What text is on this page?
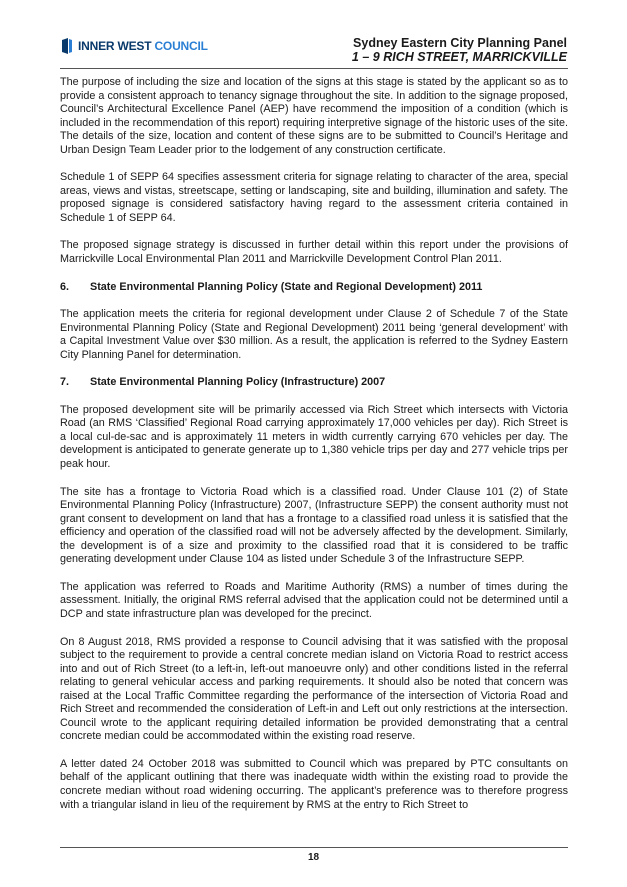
INNER WEST COUNCIL	Sydney Eastern City Planning Panel
1 – 9 RICH STREET, MARRICKVILLE

The purpose of including the size and location of the signs at this stage is stated by the applicant so as to provide a consistent approach to tenancy signage throughout the site. In addition to the signage proposed, Council’s Architectural Excellence Panel (AEP) have recommend the imposition of a condition (which is included in the recommendation of this report) requiring interpretive signage of the historic uses of the site. The details of the size, location and content of these signs are to be submitted to Council’s Heritage and Urban Design Team Leader prior to the lodgement of any construction certificate.

Schedule 1 of SEPP 64 specifies assessment criteria for signage relating to character of the area, special areas, views and vistas, streetscape, setting or landscaping, site and building, illumination and safety. The proposed signage is considered satisfactory having regard to the assessment criteria contained in Schedule 1 of SEPP 64.

The proposed signage strategy is discussed in further detail within this report under the provisions of Marrickville Local Environmental Plan 2011 and Marrickville Development Control Plan 2011.

6.	State Environmental Planning Policy (State and Regional Development) 2011

The application meets the criteria for regional development under Clause 2 of Schedule 7 of the State Environmental Planning Policy (State and Regional Development) 2011 being ‘general development’ with a Capital Investment Value over $30 million. As a result, the application is referred to the Sydney Eastern City Planning Panel for determination.

7.	State Environmental Planning Policy (Infrastructure) 2007

The proposed development site will be primarily accessed via Rich Street which intersects with Victoria Road (an RMS ‘Classified’ Regional Road carrying approximately 17,000 vehicles per day). Rich Street is a local cul-de-sac and is approximately 11 meters in width currently carrying 670 vehicles per day. The development is anticipated to generate generate up to 1,380 vehicle trips per day and 277 vehicle trips per peak hour.

The site has a frontage to Victoria Road which is a classified road. Under Clause 101 (2) of State Environmental Planning Policy (Infrastructure) 2007, (Infrastructure SEPP) the consent authority must not grant consent to development on land that has a frontage to a classified road unless it is satisfied that the efficiency and operation of the classified road will not be adversely affected by the development. Similarly, the development is of a size and proximity to the classified road that it is considered to be traffic generating development under Clause 104 as listed under Schedule 3 of the Infrastructure SEPP.

The application was referred to Roads and Maritime Authority (RMS) a number of times during the assessment. Initially, the original RMS referral advised that the application could not be determined until a DCP and state infrastructure plan was developed for the precinct.

On 8 August 2018, RMS provided a response to Council advising that it was satisfied with the proposal subject to the requirement to provide a central concrete median island on Victoria Road to restrict access into and out of Rich Street (to a left-in, left-out manoeuvre only) and other conditions listed in the referral relating to general vehicular access and parking requirements. It should also be noted that concern was raised at the Local Traffic Committee regarding the performance of the intersection of Victoria Road and Rich Street and recommended the consideration of Left-in and Left out only restrictions at the intersection. Council wrote to the applicant requiring detailed information be provided demonstrating that a central concrete median could be accommodated within the existing road reserve.

A letter dated 24 October 2018 was submitted to Council which was prepared by PTC consultants on behalf of the applicant outlining that there was inadequate width within the existing road to provide the concrete median without road widening occurring. The applicant’s preference was to therefore progress with a triangular island in lieu of the requirement by RMS at the entry to Rich Street to

18
